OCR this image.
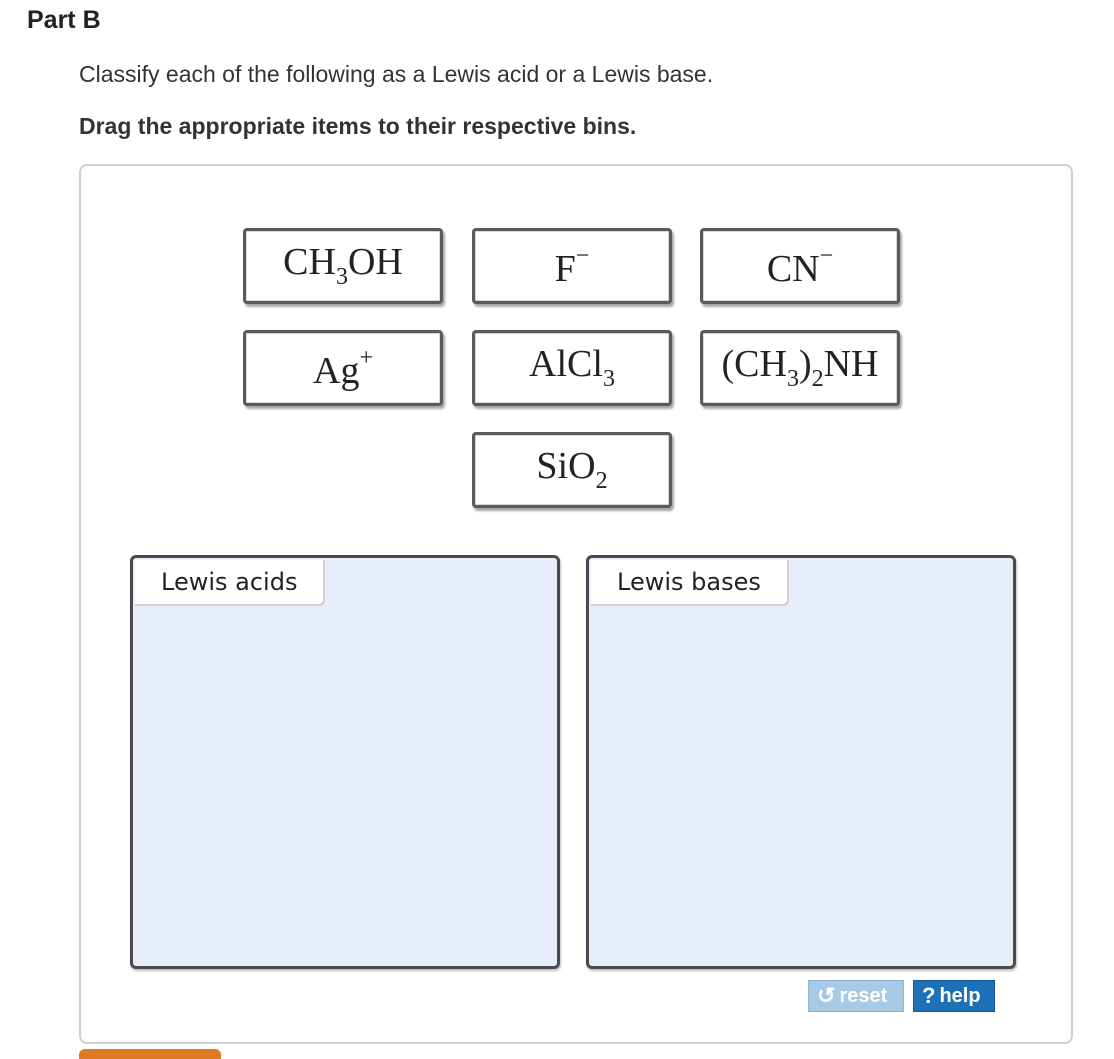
Part B
Classify each of the following as a Lewis acid or a Lewis base.
Drag the appropriate items to their respective bins.
$CH_3OH$	F−	CN−
Ag+	AlCl$_3$	$(CH_3)_2NH$
SiO$_2$
Lewis acids	Lewis bases
↺ reset ? help
